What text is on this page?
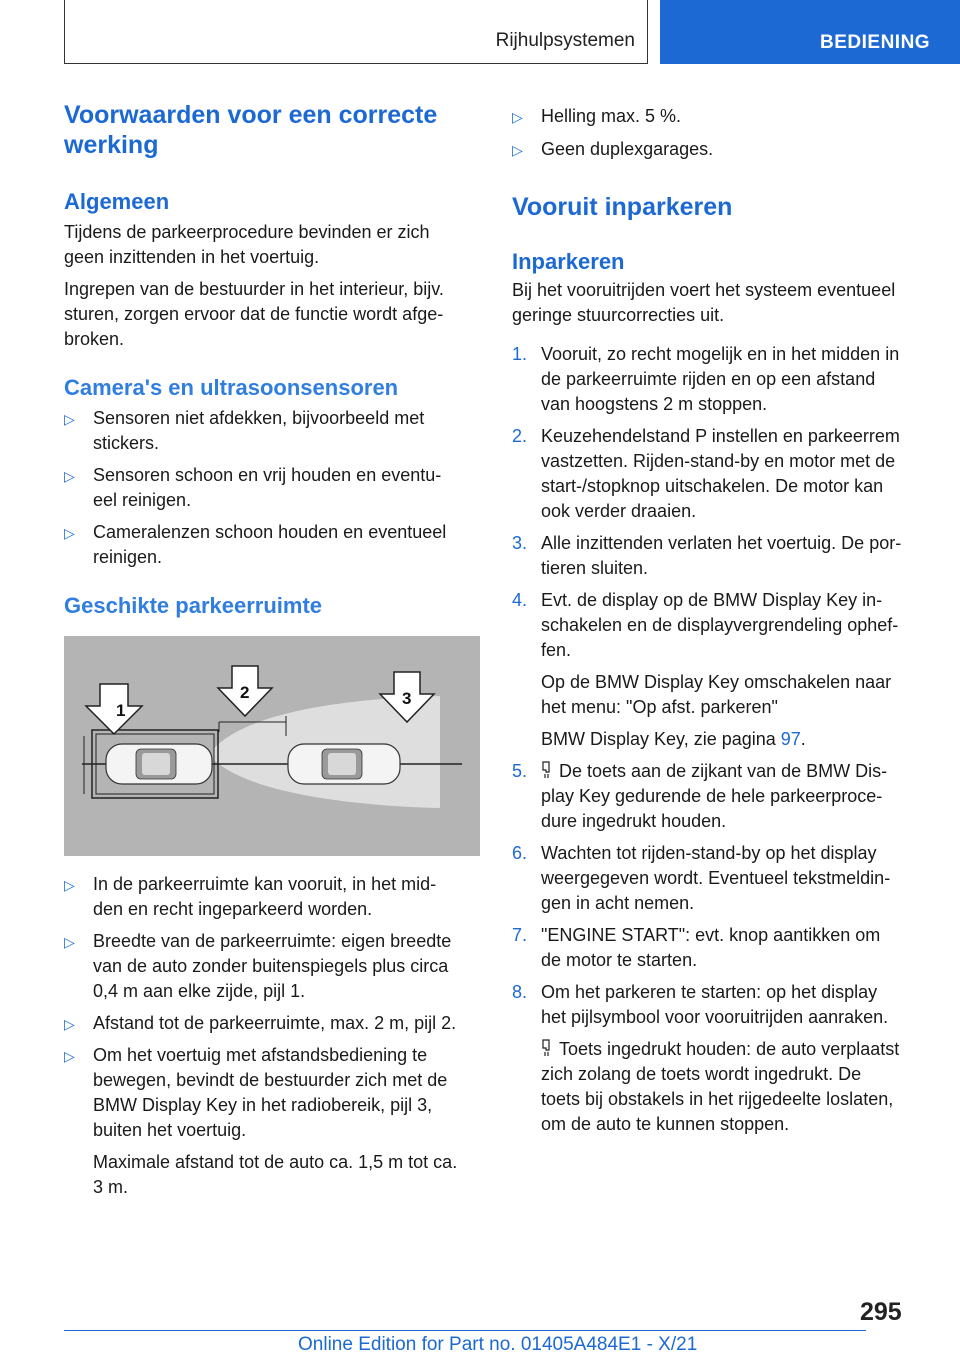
Rijhulpsystemen	BEDIENING
Voorwaarden voor een correcte
werking
Algemeen

Tijdens de parkeerprocedure bevinden er zich
geen inzittenden in het voertuig.

Ingrepen van de bestuurder in het interieur, bijv.
sturen, zorgen ervoor dat de functie wordt afge-
broken.

Camera's en ultrasoonsensoren
▷ Sensoren niet afdekken, bijvoorbeeld met
stickers.
▷ Sensoren schoon en vrij houden en eventu-
eel reinigen.
▷ Cameralenzen schoon houden en eventueel
reinigen.
Geschikte parkeerruimte
1
2	3
▷ In de parkeerruimte kan vooruit, in het mid-
den en recht ingeparkeerd worden.
▷ Breedte van de parkeerruimte: eigen breedte
van de auto zonder buitenspiegels plus circa
0,4 m aan elke zijde, pijl 1.
▷ Afstand tot de parkeerruimte, max. 2 m, pijl 2.
▷ Om het voertuig met afstandsbediening te
bewegen, bevindt de bestuurder zich met de
BMW Display Key in het radiobereik, pijl 3,
buiten het voertuig.
Maximale afstand tot de auto ca. 1,5 m tot ca.
3 m.
▷ Helling max. 5 %.
▷ Geen duplexgarages.
Vooruit inparkeren
Inparkeren

Bij het vooruitrijden voert het systeem eventueel
geringe stuurcorrecties uit.

1. Vooruit, zo recht mogelijk en in het midden in
de parkeerruimte rijden en op een afstand
van hoogstens 2 m stoppen.
2. Keuzehendelstand P instellen en parkeerrem
vastzetten. Rijden-stand-by en motor met de
start-/stopknop uitschakelen. De motor kan
ook verder draaien.
3. Alle inzittenden verlaten het voertuig. De por-
tieren sluiten.
4. Evt. de display op de BMW Display Key in-
schakelen en de displayvergrendeling ophef-
fen.
Op de BMW Display Key omschakelen naar
het menu: "Op afst. parkeren"
BMW Display Key, zie pagina 97.
5. De toets aan de zijkant van de BMW Dis-
play Key gedurende de hele parkeerproce-
dure ingedrukt houden.
6. Wachten tot rijden-stand-by op het display
weergegeven wordt. Eventueel tekstmeldin-
gen in acht nemen.
7. "ENGINE START": evt. knop aantikken om
de motor te starten.
8. Om het parkeren te starten: op het display
het pijlsymbool voor vooruitrijden aanraken.
Toets ingedrukt houden: de auto verplaatst
zich zolang de toets wordt ingedrukt. De
toets bij obstakels in het rijgedeelte loslaten,
om de auto te kunnen stoppen.
295
Online Edition for Part no. 01405A484E1 - X/21
